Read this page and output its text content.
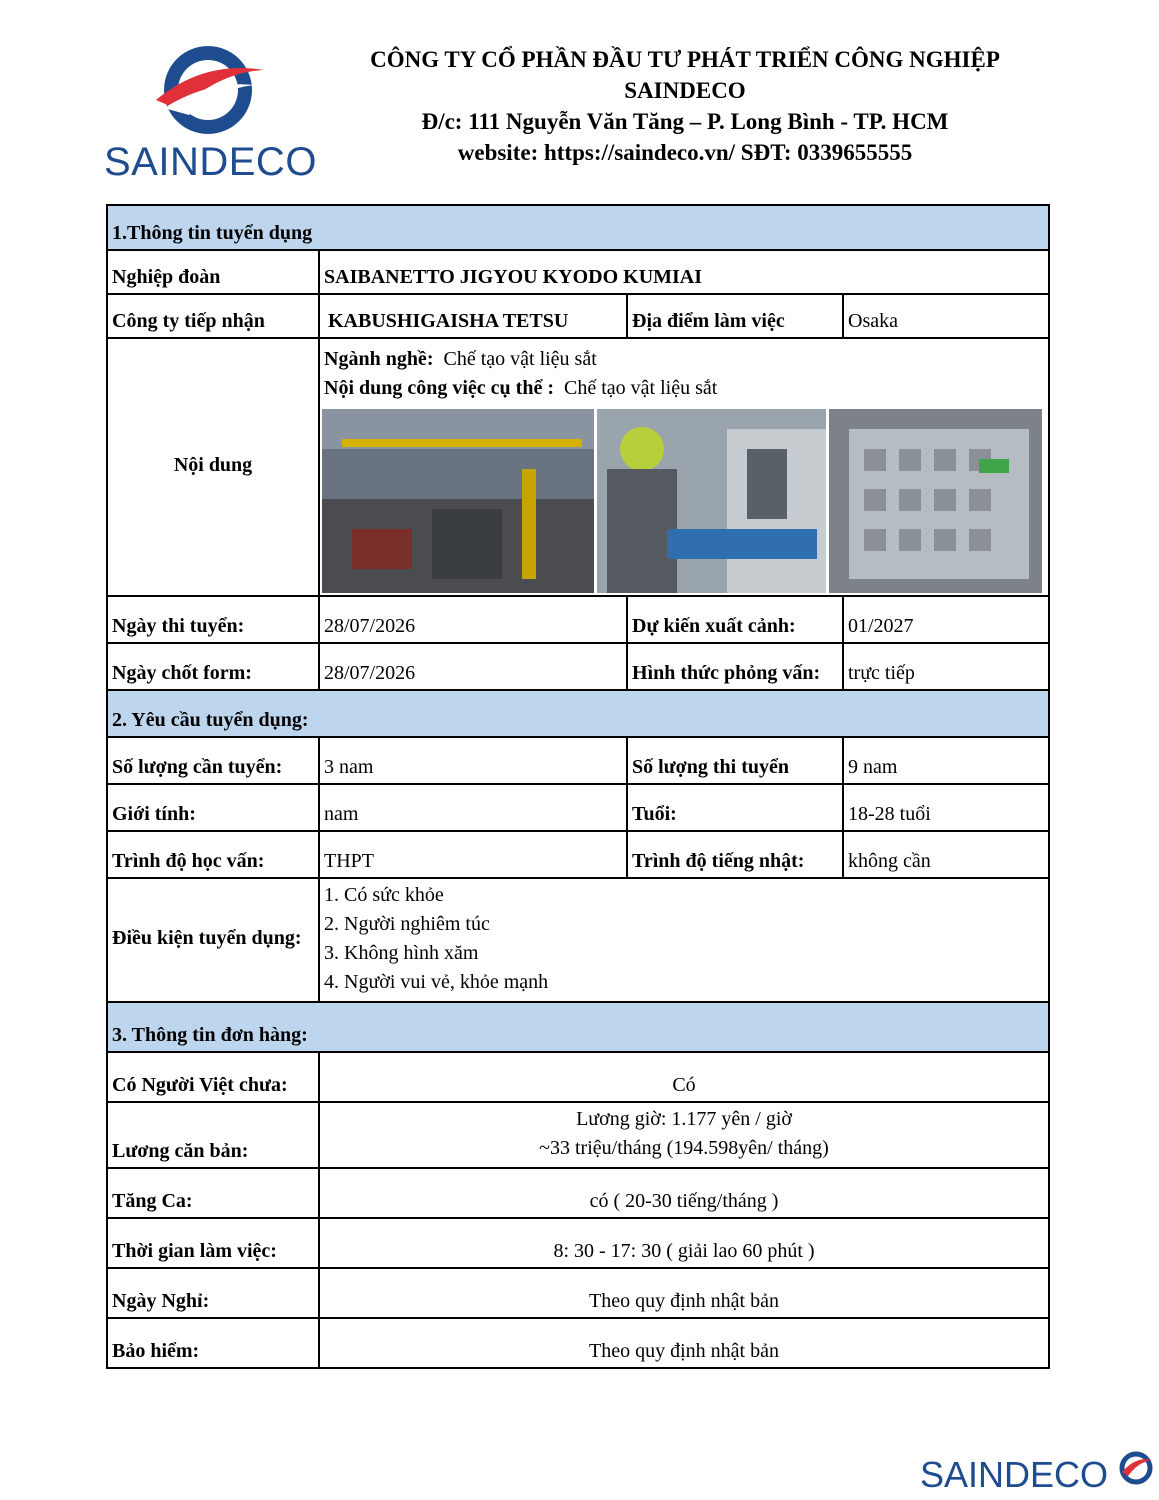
SAINDECO
CÔNG TY CỔ PHẦN ĐẦU TƯ PHÁT TRIỂN CÔNG NGHIỆP
SAINDECO
Đ/c: 111 Nguyễn Văn Tăng – P. Long Bình - TP. HCM
website: https://saindeco.vn/ SĐT: 0339655555
1.Thông tin tuyển dụng			
Nghiệp đoàn	SAIBANETTO JIGYOU KYODO KUMIAI		
Công ty tiếp nhận	KABUSHIGAISHA TETSU	Địa điểm làm việc	Osaka
Nội dung	Ngành nghề: Chế tạo vật liệu sắt
Nội dung công việc cụ thể : Chế tạo vật liệu sắt		

Ngày thi tuyển:	28/07/2026	Dự kiến xuất cảnh:	01/2027
Ngày chốt form:	28/07/2026	Hình thức phỏng vấn:	trực tiếp
2. Yêu cầu tuyển dụng:			
Số lượng cần tuyển:	3 nam	Số lượng thi tuyển	9 nam
Giới tính:	nam	Tuổi:	18-28 tuổi
Trình độ học vấn:	THPT	Trình độ tiếng nhật:	không cần
Điều kiện tuyển dụng:	1. Có sức khỏe
2. Người nghiêm túc
3. Không hình xăm
4. Người vui vẻ, khỏe mạnh		

3. Thông tin đơn hàng:			
Có Người Việt chưa:	Có		
Lương căn bản:	Lương giờ: 1.177 yên / giờ
~33 triệu/tháng (194.598yên/ tháng)		

Tăng Ca:	có ( 20-30 tiếng/tháng )		
Thời gian làm việc:	8: 30 - 17: 30 ( giải lao 60 phút )		
Ngày Nghỉ:	Theo quy định nhật bản		
Bảo hiểm:	Theo quy định nhật bản		
SAINDECO
